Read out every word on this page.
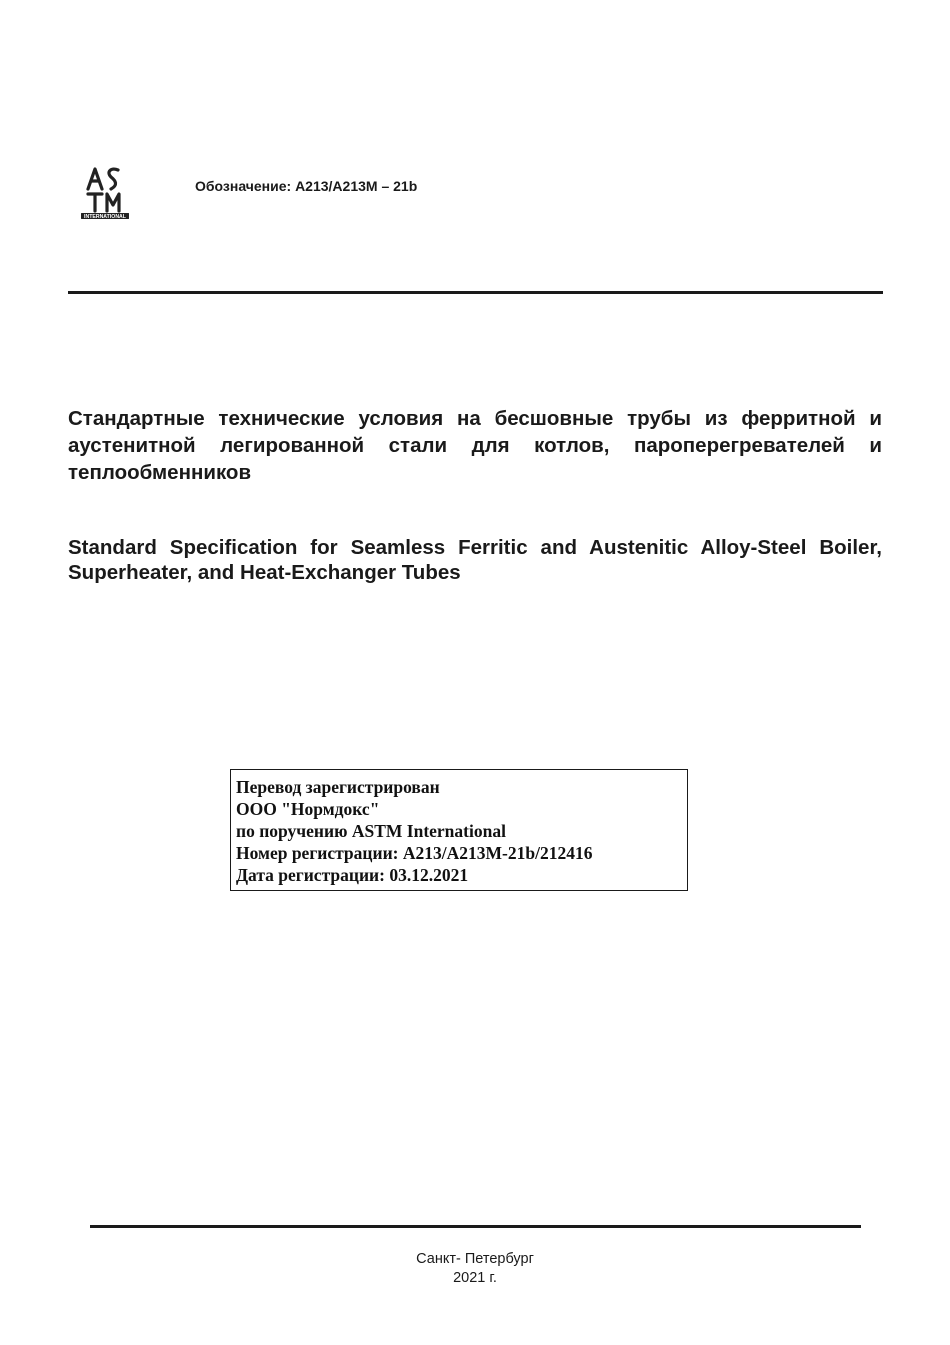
INTERNATIONAL
Обозначение: A213/A213M – 21b

Стандартные технические условия на бесшовные трубы из ферритной и аустенитной легированной стали для котлов, пароперегревателей и теплообменников

Standard Specification for Seamless Ferritic and Austenitic Alloy-Steel Boiler, Superheater, and Heat-Exchanger Tubes

Перевод зарегистрирован
ООО "Нормдокс"
по поручению ASTM International
Номер регистрации: A213/A213M-21b/212416
Дата регистрации: 03.12.2021
Санкт- Петербург
2021 г.
